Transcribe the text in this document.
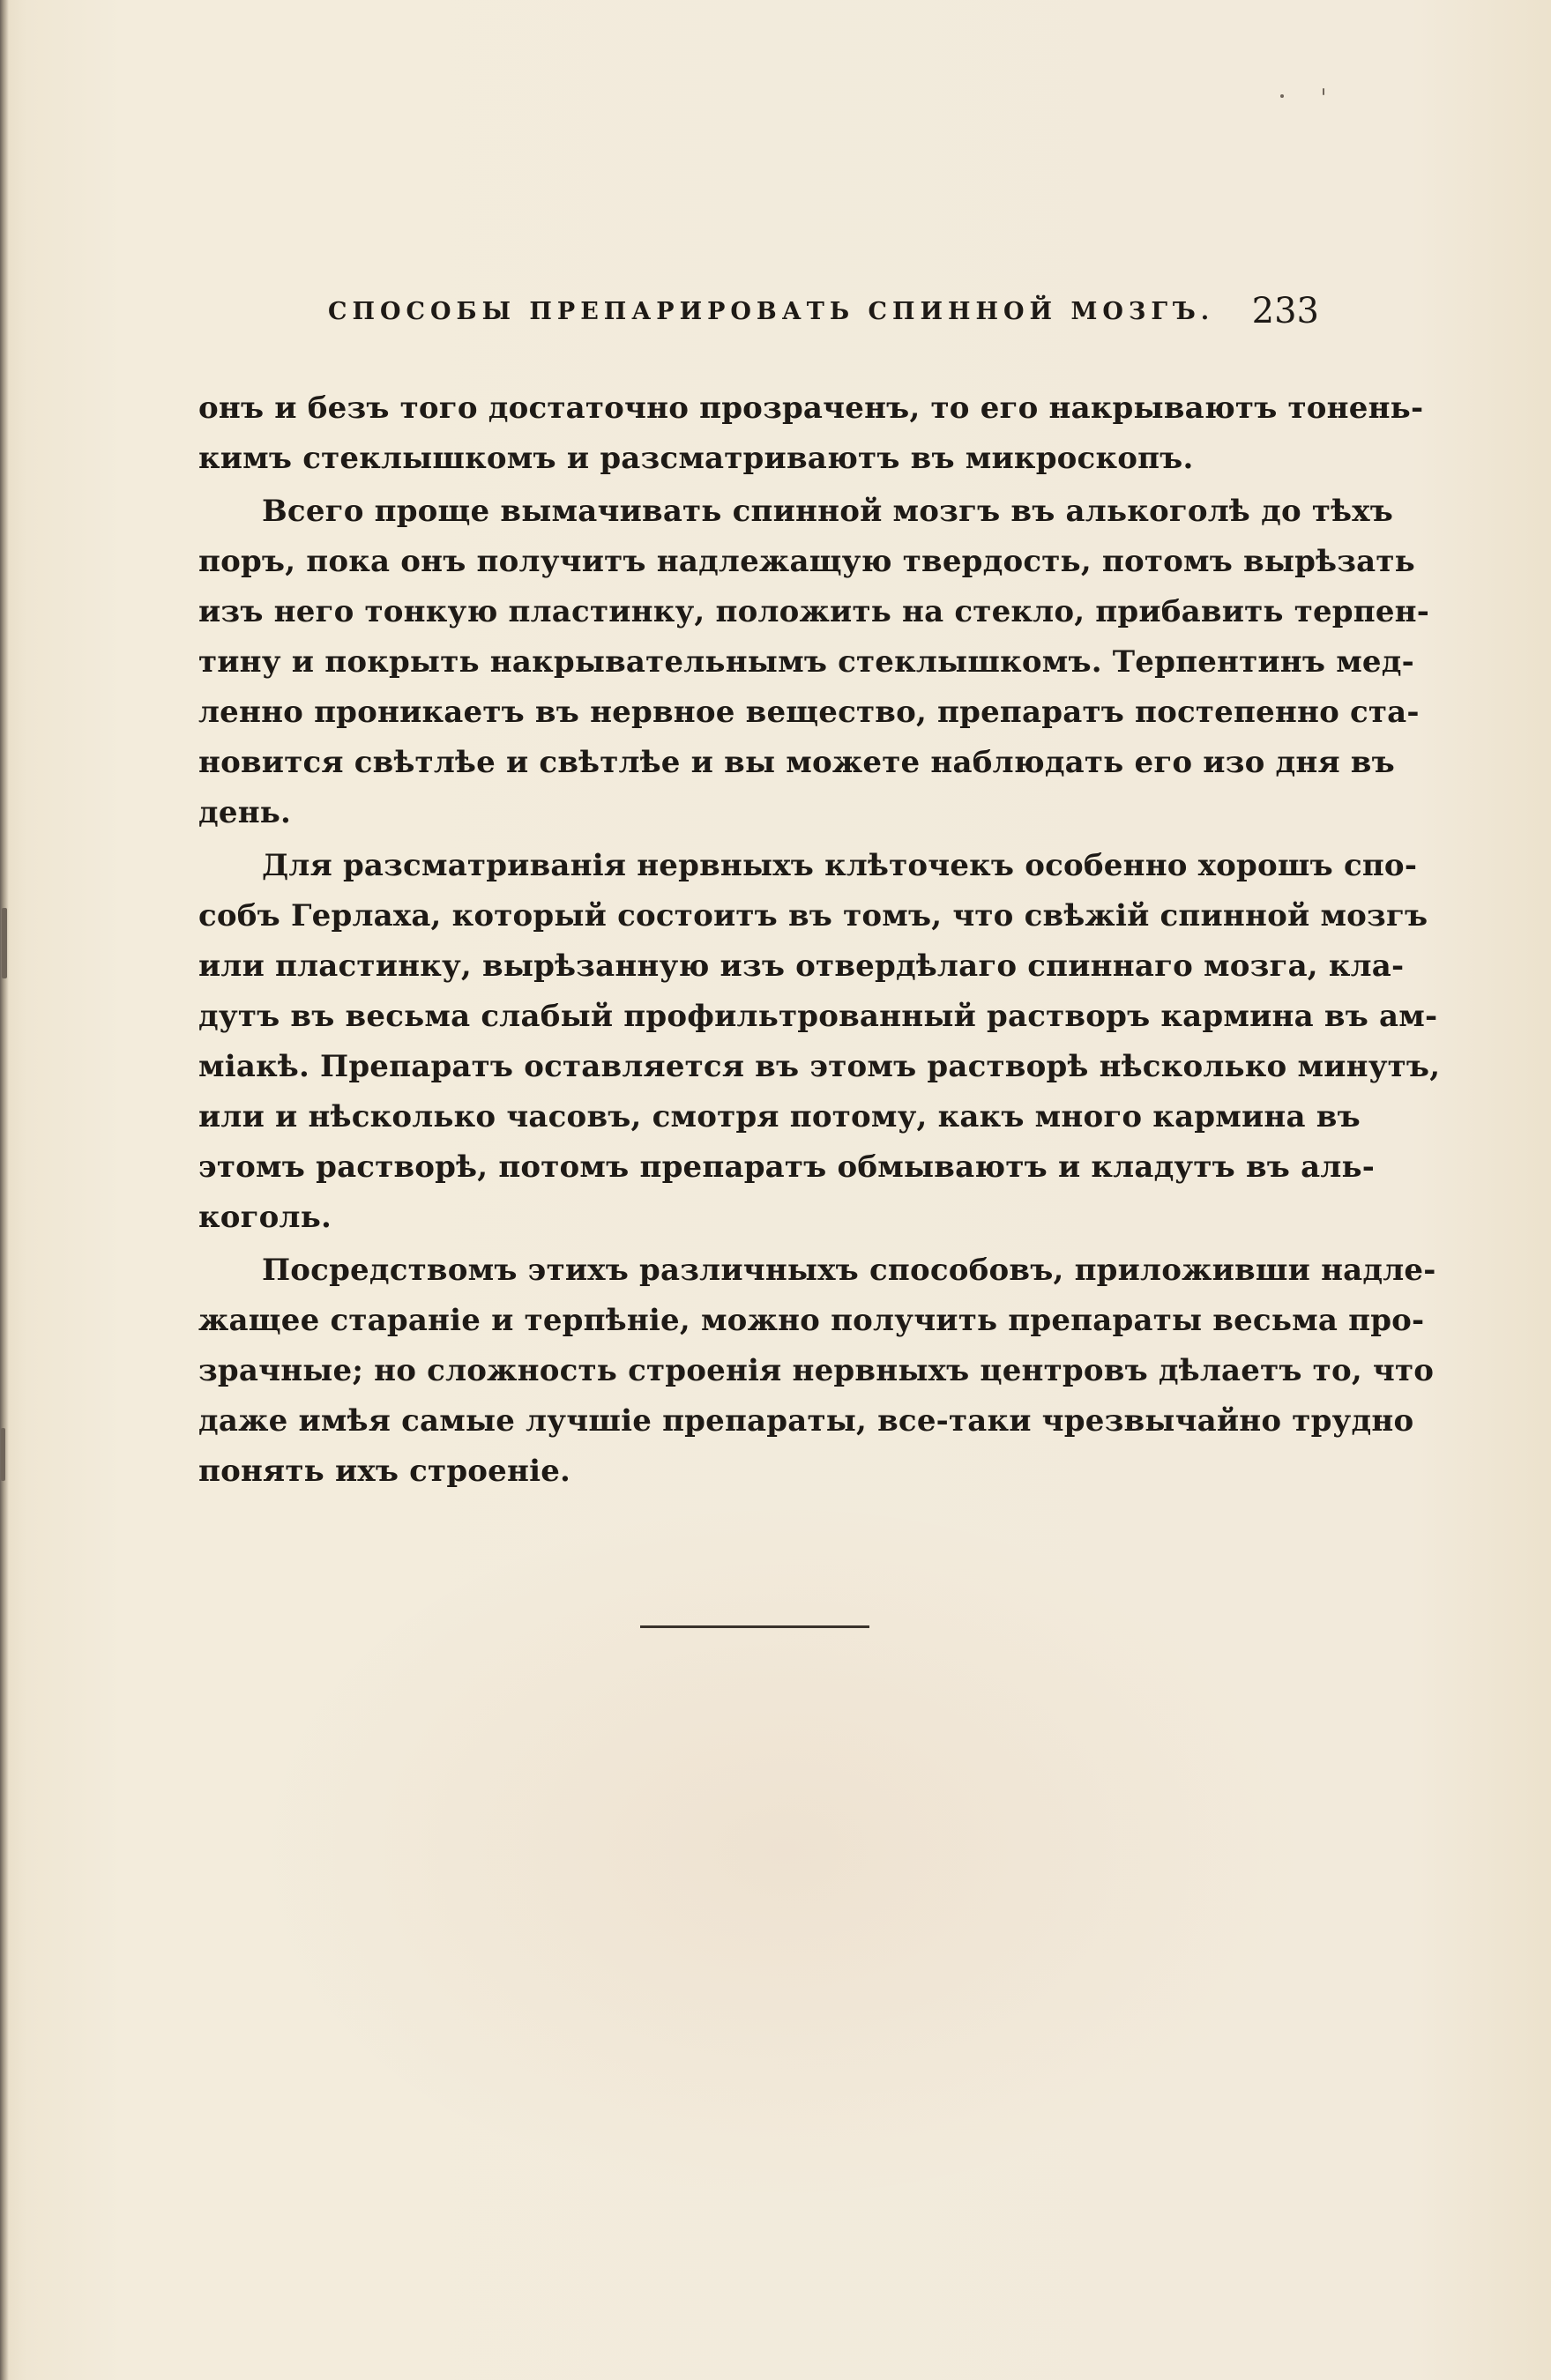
СПОСОБЫ ПРЕПАРИРОВАТЬ СПИННОЙ МОЗГЪ. 233
онъ и безъ того достаточно прозраченъ, то его накрываютъ тонень-
кимъ стеклышкомъ и разсматриваютъ въ микроскопъ.
Всего проще вымачивать спинной мозгъ въ алькоголѣ до тѣхъ
поръ, пока онъ получитъ надлежащую твердость, потомъ вырѣзать
изъ него тонкую пластинку, положить на стекло, прибавить терпен-
тину и покрыть накрывательнымъ стеклышкомъ. Терпентинъ мед-
ленно проникаетъ въ нервное вещество, препаратъ постепенно ста-
новится свѣтлѣе и свѣтлѣе и вы можете наблюдать его изо дня въ
день.
Для разсматриванія нервныхъ клѣточекъ особенно хорошъ спо-
собъ Герлаха, который состоитъ въ томъ, что свѣжій спинной мозгъ
или пластинку, вырѣзанную изъ отвердѣлаго спиннаго мозга, кла-
дутъ въ весьма слабый профильтрованный растворъ кармина въ ам-
міакѣ. Препаратъ оставляется въ этомъ растворѣ нѣсколько минутъ,
или и нѣсколько часовъ, смотря потому, какъ много кармина въ
этомъ растворѣ, потомъ препаратъ обмываютъ и кладутъ въ аль-
коголь.
Посредствомъ этихъ различныхъ способовъ, приложивши надле-
жащее стараніе и терпѣніе, можно получить препараты весьма про-
зрачные; но сложность строенія нервныхъ центровъ дѣлаетъ то, что
даже имѣя самые лучшіе препараты, все-таки чрезвычайно трудно
понять ихъ строеніе.
